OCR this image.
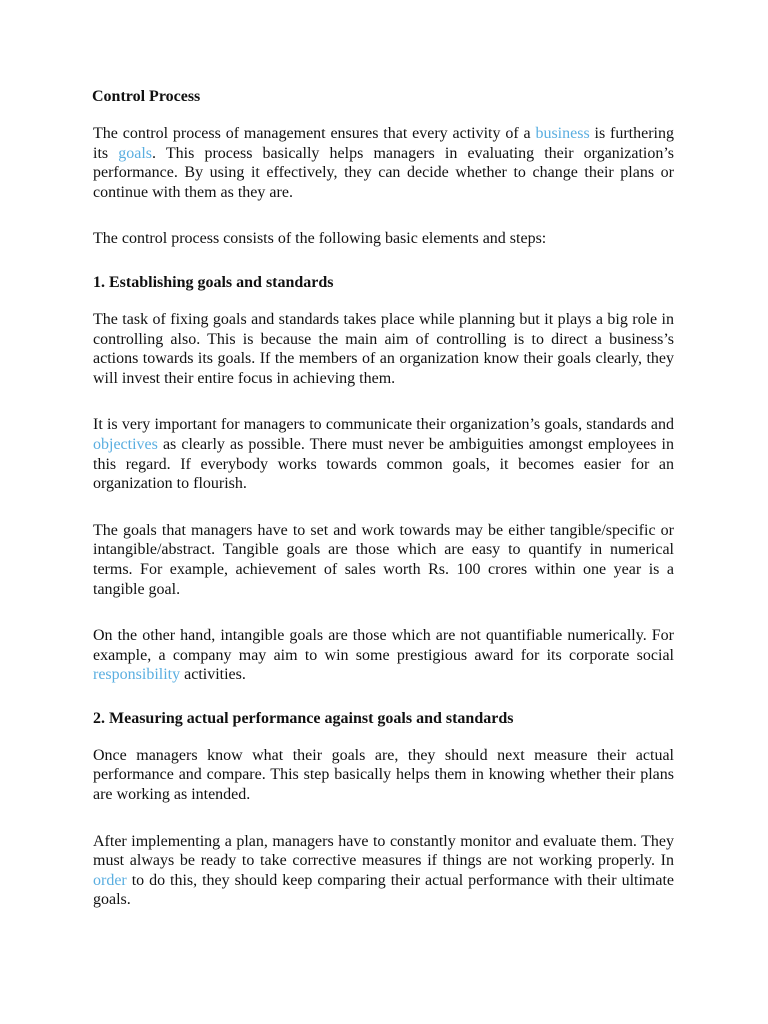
Control Process

The control process of management ensures that every activity of a business is furthering its goals. This process basically helps managers in evaluating their organization’s performance. By using it effectively, they can decide whether to change their plans or continue with them as they are.

The control process consists of the following basic elements and steps:

1. Establishing goals and standards

The task of fixing goals and standards takes place while planning but it plays a big role in controlling also. This is because the main aim of controlling is to direct a business’s actions towards its goals. If the members of an organization know their goals clearly, they will invest their entire focus in achieving them.

It is very important for managers to communicate their organization’s goals, standards and objectives as clearly as possible. There must never be ambiguities amongst employees in this regard. If everybody works towards common goals, it becomes easier for an organization to flourish.

The goals that managers have to set and work towards may be either tangible/specific or intangible/abstract. Tangible goals are those which are easy to quantify in numerical terms. For example, achievement of sales worth Rs. 100 crores within one year is a tangible goal.

On the other hand, intangible goals are those which are not quantifiable numerically. For example, a company may aim to win some prestigious award for its corporate social responsibility activities.

2. Measuring actual performance against goals and standards

Once managers know what their goals are, they should next measure their actual performance and compare. This step basically helps them in knowing whether their plans are working as intended.

After implementing a plan, managers have to constantly monitor and evaluate them. They must always be ready to take corrective measures if things are not working properly. In order to do this, they should keep comparing their actual performance with their ultimate goals.
